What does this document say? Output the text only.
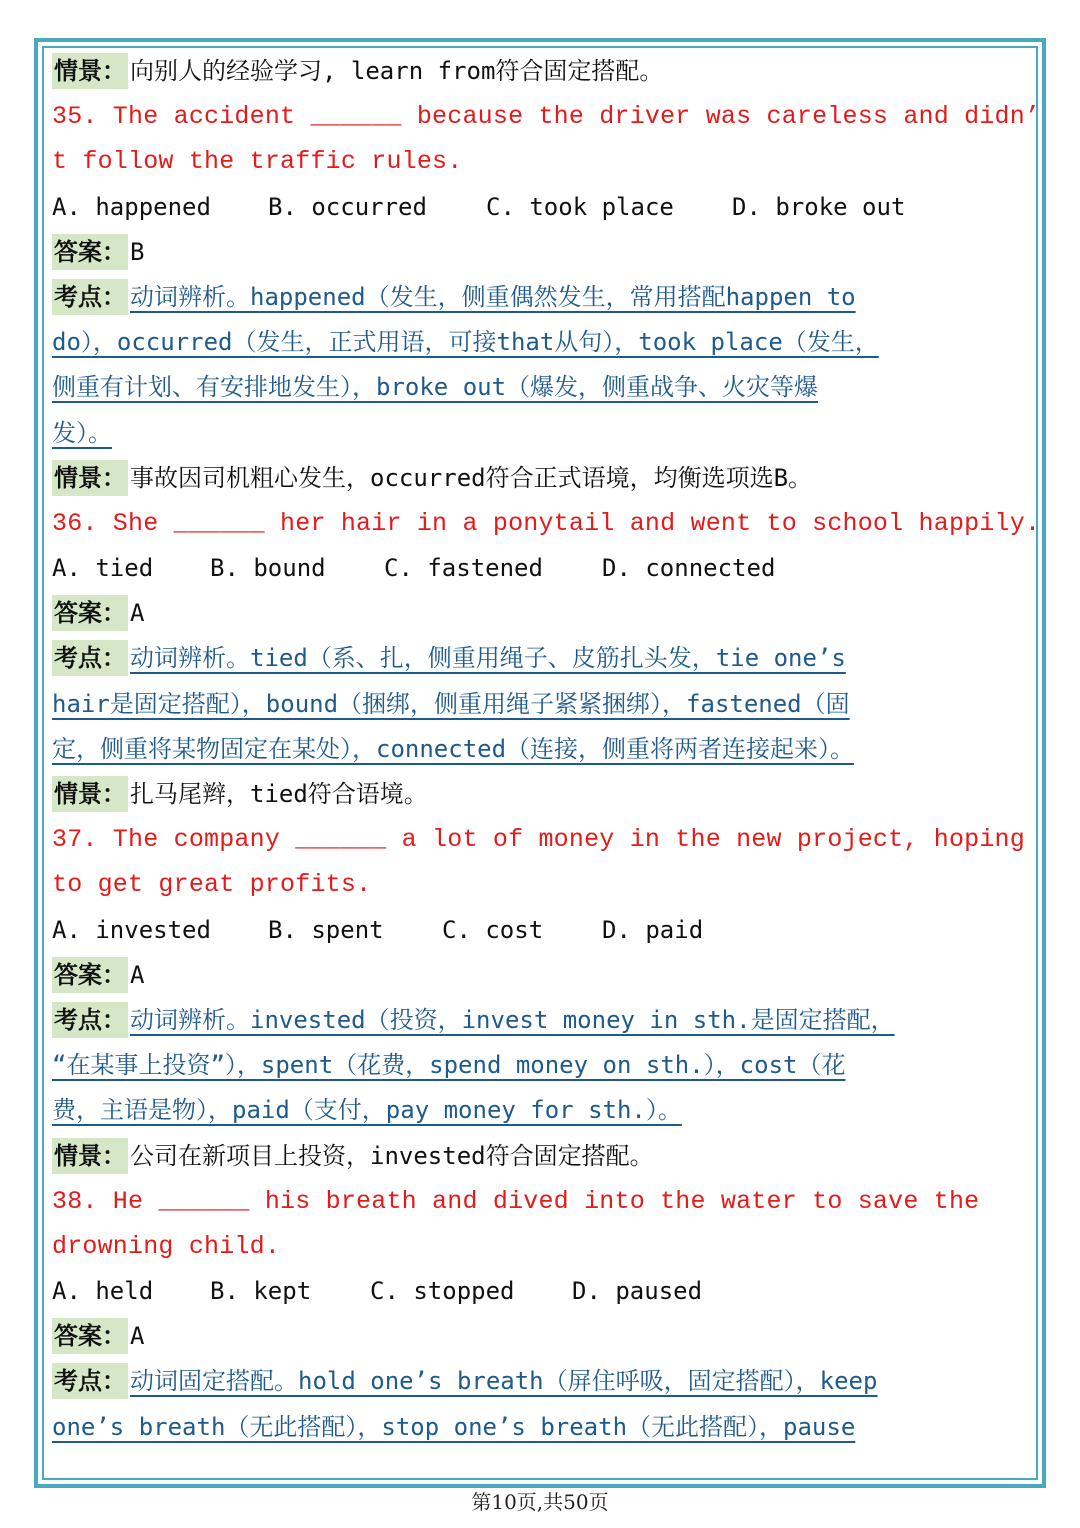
情景： 向别人的经验学习, learn from符合固定搭配。
35. The accident ______ because the driver was careless and didn’
t follow the traffic rules.
A. happened B. occurred C. took place D. broke out
答案： B
考点： 动词辨析。happened（发生，侧重偶然发生，常用搭配happen to
do），occurred（发生，正式用语，可接that从句），took place（发生，
侧重有计划、有安排地发生），broke out（爆发，侧重战争、火灾等爆
发）。
情景： 事故因司机粗心发生，occurred符合正式语境，均衡选项选B。
36. She ______ her hair in a ponytail and went to school happily.
A. tied B. bound C. fastened D. connected
答案： A
考点： 动词辨析。tied（系、扎，侧重用绳子、皮筋扎头发，tie one’s
hair是固定搭配），bound（捆绑，侧重用绳子紧紧捆绑），fastened（固
定，侧重将某物固定在某处），connected（连接，侧重将两者连接起来）。
情景： 扎马尾辫，tied符合语境。
37. The company ______ a lot of money in the new project, hoping
to get great profits.
A. invested B. spent C. cost D. paid
答案： A
考点： 动词辨析。invested（投资，invest money in sth.是固定搭配，
“在某事上投资”），spent（花费，spend money on sth.），cost（花
费，主语是物），paid（支付，pay money for sth.）。
情景： 公司在新项目上投资，invested符合固定搭配。
38. He ______ his breath and dived into the water to save the
drowning child.
A. held B. kept C. stopped D. paused
答案： A
考点： 动词固定搭配。hold one’s breath（屏住呼吸，固定搭配），keep
one’s breath（无此搭配），stop one’s breath（无此搭配），pause
第10页,共50页
